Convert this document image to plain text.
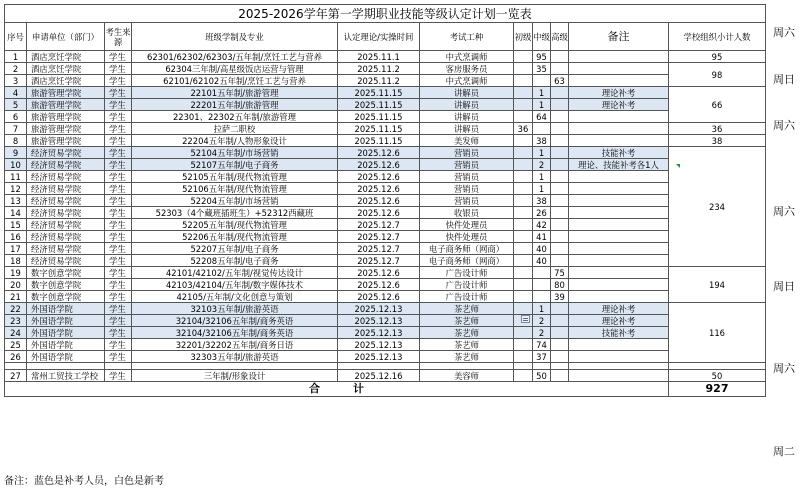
2025-2026学年第一学期职业技能等级认定计划一览表										
序号	申请单位（部门）	考生来源	班级学制及专业	认定理论/实操时间	考试工种	初级	中级	高级	备注	学校组织小计人数
1	酒店烹饪学院	学生	62301/62302/62303/五年制/烹饪工艺与营养	2025.11.1	中式烹调师		95			95
2	酒店烹饪学院	学生	62304三年制/高星级饭店运营与管理	2025.11.2	客房服务员		35			98
3	酒店烹饪学院	学生	62101/62102五年制/烹饪工艺与营养	2025.11.2	中式烹调师			63		
4	旅游管理学院	学生	22101五年制/旅游管理	2025.11.15	讲解员		1		理论补考	66
5	旅游管理学院	学生	22201五年制/旅游管理	2025.11.15	讲解员		1		理论补考	
6	旅游管理学院	学生	22301、22302五年制/旅游管理	2025.11.15	讲解员		64			
7	旅游管理学院	学生	拉萨二职校	2025.11.15	讲解员	36				36
8	旅游管理学院	学生	22204五年制/人物形象设计	2025.11.15	美发师		38			38
9	经济贸易学院	学生	52104五年制/市场营销	2025.12.6	营销员		1		技能补考	234
10	经济贸易学院	学生	52107五年制/电子商务	2025.12.6	营销员		2		理论、技能补考各1人	
11	经济贸易学院	学生	52105五年制/现代物流管理	2025.12.6	营销员		1			
12	经济贸易学院	学生	52106五年制/现代物流管理	2025.12.6	营销员		1			
13	经济贸易学院	学生	52204五年制/市场营销	2025.12.6	营销员		38			
14	经济贸易学院	学生	52303（4个藏班插班生）+52312西藏班	2025.12.6	收银员		26			
15	经济贸易学院	学生	52205五年制/现代物流管理	2025.12.7	快件处理员		42			
16	经济贸易学院	学生	52206五年制/现代物流管理	2025.12.7	快件处理员		41			
17	经济贸易学院	学生	52207五年制/电子商务	2025.12.7	电子商务师（网商）		40			
18	经济贸易学院	学生	52208五年制/电子商务	2025.12.7	电子商务师（网商）		40			
19	数字创意学院	学生	42101/42102/五年制/视觉传达设计	2025.12.6	广告设计师			75		194
20	数字创意学院	学生	42103/42104/五年制/数字媒体技术	2025.12.6	广告设计师			80		
21	数字创意学院	学生	42105/五年制/文化创意与策划	2025.12.6	广告设计师			39		
22	外国语学院	学生	32103五年制/旅游英语	2025.12.13	茶艺师		1		理论补考	116
23	外国语学院	学生	32104/32106五年制/商务英语	2025.12.13	茶艺师		2		理论补考	
24	外国语学院	学生	32104/32106五年制/商务英语	2025.12.13	茶艺师		2		技能补考	
25	外国语学院	学生	32201/32202五年制/商务日语	2025.12.13	茶艺师		74			
26	外国语学院	学生	32303五年制/旅游英语	2025.12.13	茶艺师		37			

27	常州工贸技工学校	学生	三年制/形象设计	2025.12.16	美容师		50			50
合　　　计										927
周六
周日
周六
周六
周日
周六
周二
备注：蓝色是补考人员，白色是新考
